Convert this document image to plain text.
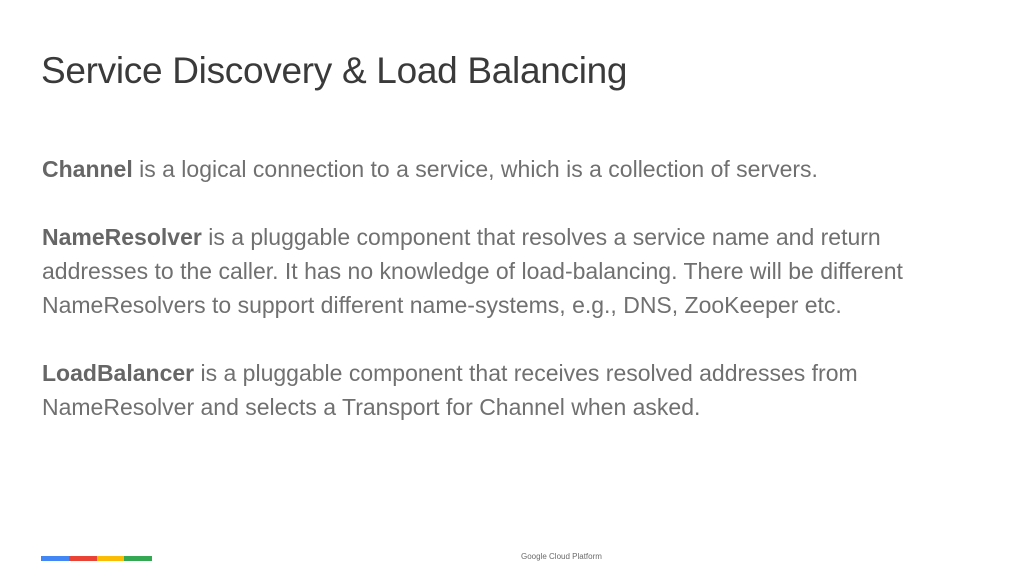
Service Discovery & Load Balancing

Channel is a logical connection to a service, which is a collection of servers.

NameResolver is a pluggable component that resolves a service name and return addresses to the caller. It has no knowledge of load-balancing. There will be different NameResolvers to support different name-systems, e.g., DNS, ZooKeeper etc.

LoadBalancer is a pluggable component that receives resolved addresses from NameResolver and selects a Transport for Channel when asked.

Google Cloud Platform
